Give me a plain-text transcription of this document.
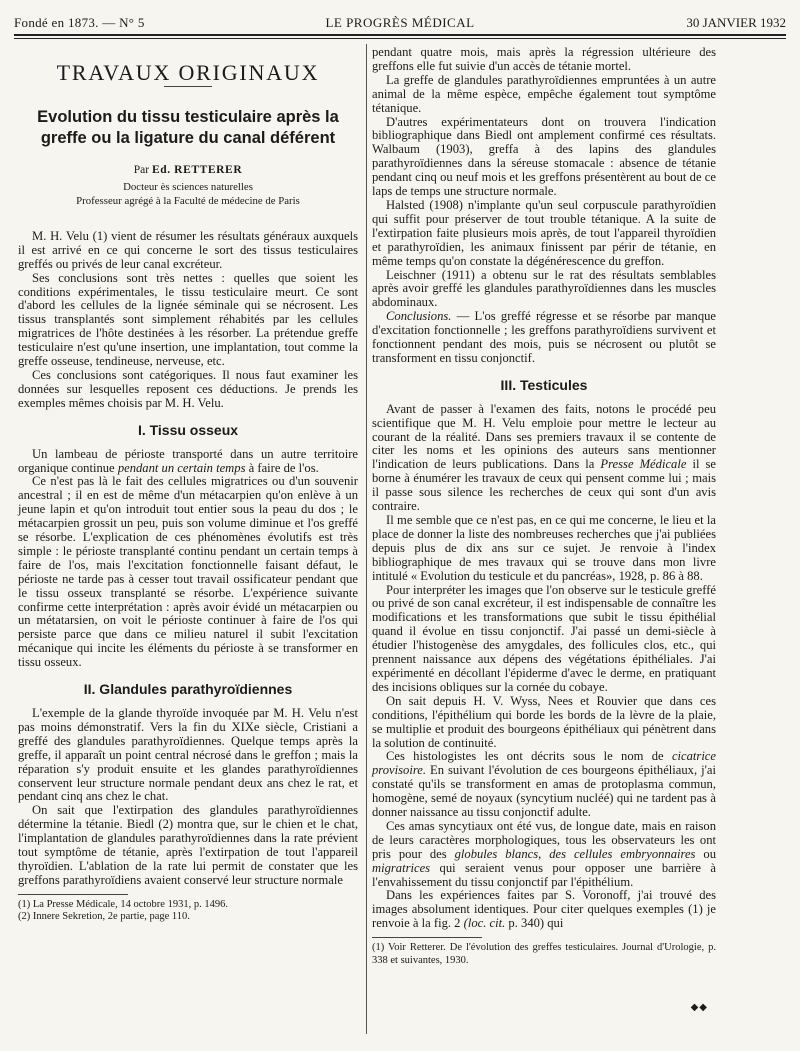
Fondé en 1873. — N° 5	LE PROGRÈS MÉDICAL	30 JANVIER 1932
TRAVAUX ORIGINAUX
Evolution du tissu testiculaire après la greffe ou la ligature du canal déférent
Par Ed. RETTERER
Docteur ès sciences naturelles
Professeur agrégé à la Faculté de médecine de Paris

M. H. Velu (1) vient de résumer les résultats généraux auxquels il est arrivé en ce qui concerne le sort des tissus testiculaires greffés ou privés de leur canal excréteur.

Ses conclusions sont très nettes : quelles que soient les conditions expérimentales, le tissu testiculaire meurt. Ce sont d'abord les cellules de la lignée séminale qui se nécrosent. Les tissus transplantés sont simplement réhabités par les cellules migratrices de l'hôte destinées à les résorber. La prétendue greffe testiculaire n'est qu'une insertion, une implantation, tout comme la greffe osseuse, tendineuse, nerveuse, etc.

Ces conclusions sont catégoriques. Il nous faut examiner les données sur lesquelles reposent ces déductions. Je prends les exemples mêmes choisis par M. H. Velu.

I. Tissu osseux

Un lambeau de périoste transporté dans un autre territoire organique continue pendant un certain temps à faire de l'os.

Ce n'est pas là le fait des cellules migratrices ou d'un souvenir ancestral ; il en est de même d'un métacarpien qu'on enlève à un jeune lapin et qu'on introduit tout entier sous la peau du dos ; le métacarpien grossit un peu, puis son volume diminue et l'os greffé se résorbe. L'explication de ces phénomènes évolutifs est très simple : le périoste transplanté continu pendant un certain temps à faire de l'os, mais l'excitation fonctionnelle faisant défaut, le périoste ne tarde pas à cesser tout travail ossificateur pendant que le tissu osseux transplanté se résorbe. L'expérience suivante confirme cette interprétation : après avoir évidé un métacarpien ou un métatarsien, on voit le périoste continuer à faire de l'os qui persiste parce que dans ce milieu naturel il subit l'excitation mécanique qui incite les éléments du périoste à se transformer en tissu osseux.

II. Glandules parathyroïdiennes

L'exemple de la glande thyroïde invoquée par M. H. Velu n'est pas moins démonstratif. Vers la fin du XIXe siècle, Cristiani a greffé des glandules parathyroïdiennes. Quelque temps après la greffe, il apparaît un point central nécrosé dans le greffon ; mais la réparation s'y produit ensuite et les glandes parathyroïdiennes conservent leur structure normale pendant deux ans chez le rat, et pendant cinq ans chez le chat.

On sait que l'extirpation des glandules parathyroïdiennes détermine la tétanie. Biedl (2) montra que, sur le chien et le chat, l'implantation de glandules parathyroïdiennes dans la rate prévient tout symptôme de tétanie, après l'extirpation de tout l'appareil thyroïdien. L'ablation de la rate lui permit de constater que les greffons parathyroïdiens avaient conservé leur structure normale

(1) La Presse Médicale, 14 octobre 1931, p. 1496.

(2) Innere Sekretion, 2e partie, page 110.

pendant quatre mois, mais après la régression ultérieure des greffons elle fut suivie d'un accès de tétanie mortel.

La greffe de glandules parathyroïdiennes empruntées à un autre animal de la même espèce, empêche également tout symptôme tétanique.

D'autres expérimentateurs dont on trouvera l'indication bibliographique dans Biedl ont amplement confirmé ces résultats. Walbaum (1903), greffa à des lapins des glandules parathyroïdiennes dans la séreuse stomacale : absence de tétanie pendant cinq ou neuf mois et les greffons présentèrent au bout de ce laps de temps une structure normale.

Halsted (1908) n'implante qu'un seul corpuscule parathyroïdien qui suffit pour préserver de tout trouble tétanique. A la suite de l'extirpation faite plusieurs mois après, de tout l'appareil thyroïdien et parathyroïdien, les animaux finissent par périr de tétanie, en même temps qu'on constate la dégénérescence du greffon.

Leischner (1911) a obtenu sur le rat des résultats semblables après avoir greffé les glandules parathyroïdiennes dans les muscles abdominaux.

Conclusions. — L'os greffé régresse et se résorbe par manque d'excitation fonctionnelle ; les greffons parathyroïdiens survivent et fonctionnent pendant des mois, puis se nécrosent ou plutôt se transforment en tissu conjonctif.

III. Testicules

Avant de passer à l'examen des faits, notons le procédé peu scientifique que M. H. Velu emploie pour mettre le lecteur au courant de la réalité. Dans ses premiers travaux il se contente de citer les noms et les opinions des auteurs sans mentionner l'indication de leurs publications. Dans la Presse Médicale il se borne à énumérer les travaux de ceux qui pensent comme lui ; mais il passe sous silence les recherches de ceux qui sont d'un avis contraire.

Il me semble que ce n'est pas, en ce qui me concerne, le lieu et la place de donner la liste des nombreuses recherches que j'ai publiées depuis plus de dix ans sur ce sujet. Je renvoie à l'index bibliographique de mes travaux qui se trouve dans mon livre intitulé « Evolution du testicule et du pancréas», 1928, p. 86 à 88.

Pour interpréter les images que l'on observe sur le testicule greffé ou privé de son canal excréteur, il est indispensable de connaître les modifications et les transformations que subit le tissu épithélial quand il évolue en tissu conjonctif. J'ai passé un demi-siècle à étudier l'histogenèse des amygdales, des follicules clos, etc., qui prennent naissance aux dépens des végétations épithéliales. J'ai expérimenté en décollant l'épiderme d'avec le derme, en pratiquant des incisions obliques sur la cornée du cobaye.

On sait depuis H. V. Wyss, Nees et Rouvier que dans ces conditions, l'épithélium qui borde les bords de la lèvre de la plaie, se multiplie et produit des bourgeons épithéliaux qui pénètrent dans la solution de continuité.

Ces histologistes les ont décrits sous le nom de cicatrice provisoire. En suivant l'évolution de ces bourgeons épithéliaux, j'ai constaté qu'ils se transforment en amas de protoplasma commun, homogène, semé de noyaux (syncytium nucléé) qui ne tardent pas à donner naissance au tissu conjonctif adulte.

Ces amas syncytiaux ont été vus, de longue date, mais en raison de leurs caractères morphologiques, tous les observateurs les ont pris pour des globules blancs, des cellules embryonnaires ou migratrices qui seraient venus pour opposer une barrière à l'envahissement du tissu conjonctif par l'épithélium.

Dans les expériences faites par S. Voronoff, j'ai trouvé des images absolument identiques. Pour citer quelques exemples (1) je renvoie à la fig. 2 (loc. cit. p. 340) qui

(1) Voir Retterer. De l'évolution des greffes testiculaires. Journal d'Urologie, p. 338 et suivantes, 1930.
◆◆
